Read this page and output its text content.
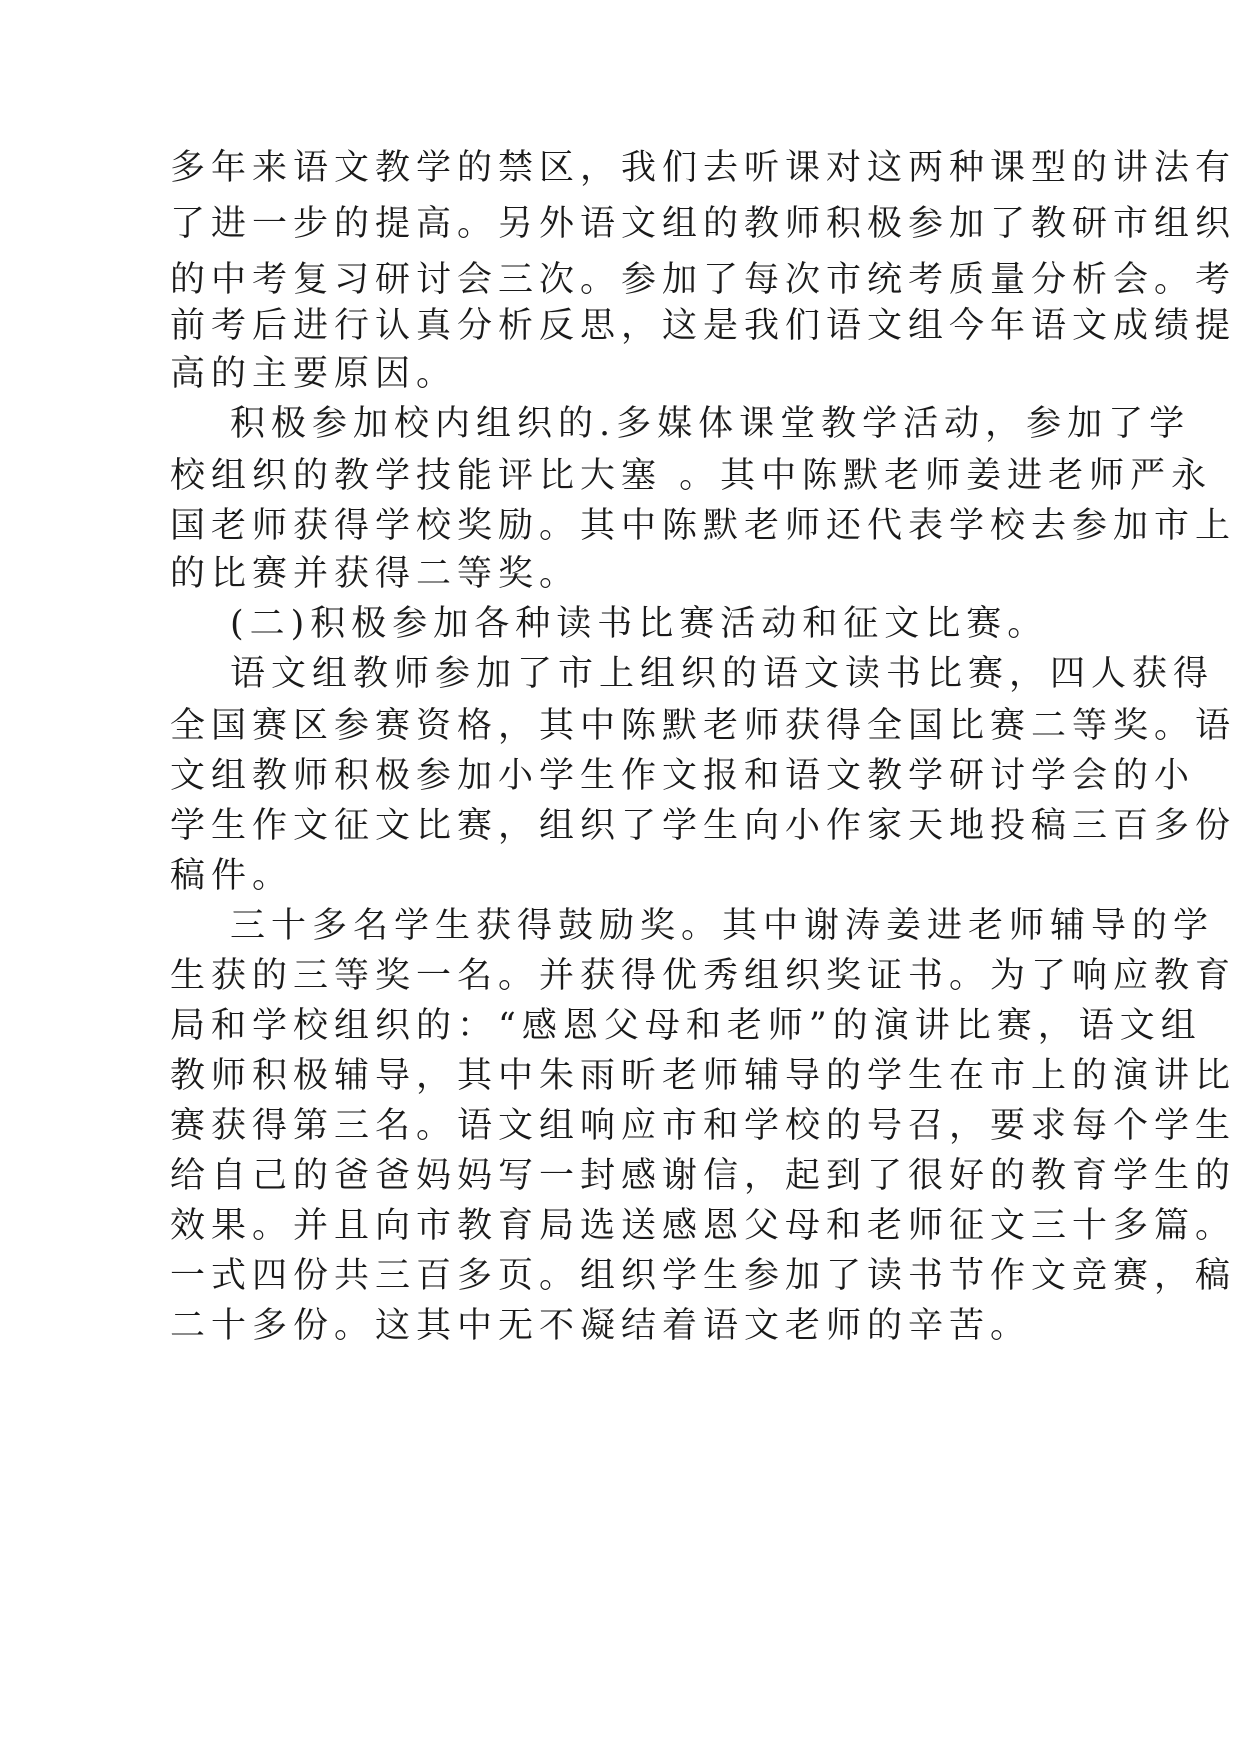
多年来语文教学的禁区，我们去听课对这两种课型的讲法有
了进一步的提高。另外语文组的教师积极参加了教研市组织
的中考复习研讨会三次。参加了每次市统考质量分析会。考
前考后进行认真分析反思，这是我们语文组今年语文成绩提
高的主要原因。
积极参加校内组织的.多媒体课堂教学活动，参加了学
校组织的教学技能评比大塞 。其中陈默老师姜进老师严永
国老师获得学校奖励。其中陈默老师还代表学校去参加市上
的比赛并获得二等奖。
(二)积极参加各种读书比赛活动和征文比赛。
语文组教师参加了市上组织的语文读书比赛，四人获得
全国赛区参赛资格，其中陈默老师获得全国比赛二等奖。语
文组教师积极参加小学生作文报和语文教学研讨学会的小
学生作文征文比赛，组织了学生向小作家天地投稿三百多份
稿件。
三十多名学生获得鼓励奖。其中谢涛姜进老师辅导的学
生获的三等奖一名。并获得优秀组织奖证书。为了响应教育
局和学校组织的：“感恩父母和老师”的演讲比赛，语文组
教师积极辅导，其中朱雨昕老师辅导的学生在市上的演讲比
赛获得第三名。语文组响应市和学校的号召，要求每个学生
给自己的爸爸妈妈写一封感谢信，起到了很好的教育学生的
效果。并且向市教育局选送感恩父母和老师征文三十多篇。
一式四份共三百多页。组织学生参加了读书节作文竞赛，稿
二十多份。这其中无不凝结着语文老师的辛苦。
